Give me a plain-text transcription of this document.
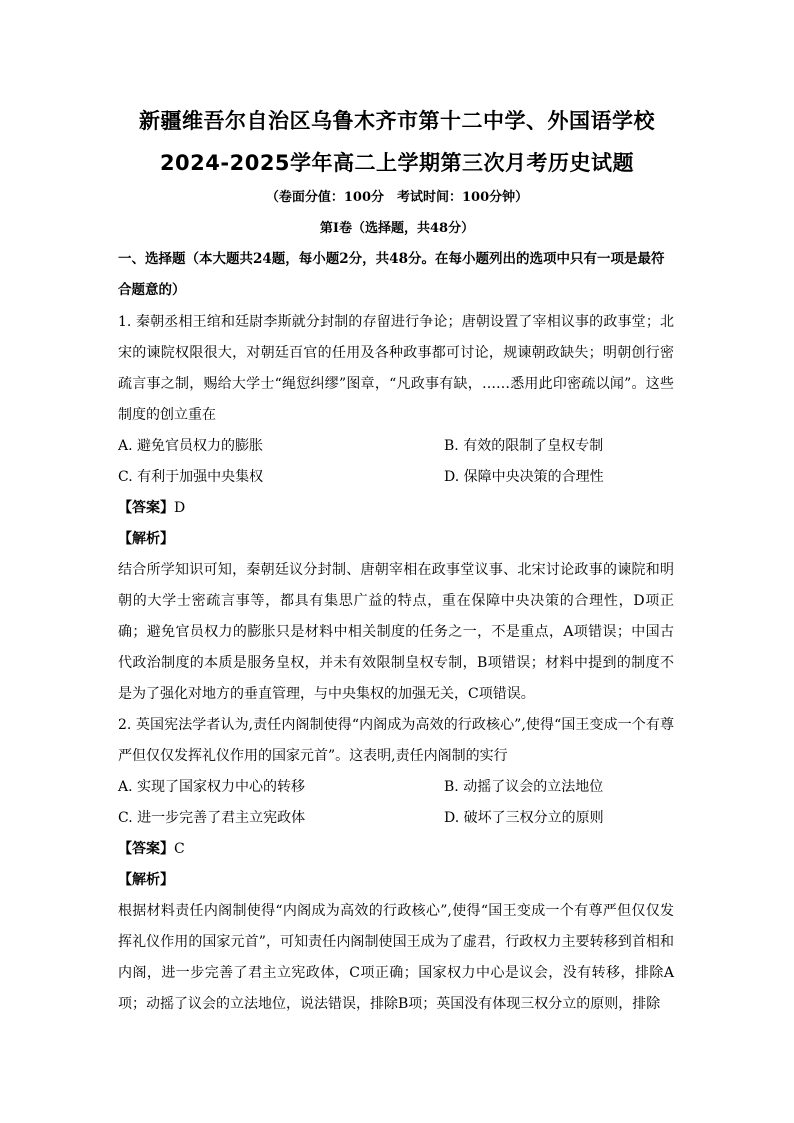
新疆维吾尔自治区乌鲁木齐市第十二中学、外国语学校
2024-2025学年高二上学期第三次月考历史试题
（卷面分值：100分　考试时间：100分钟）
第Ⅰ卷（选择题，共48分）
一、选择题（本大题共24题，每小题2分，共48分。在每小题列出的选项中只有一项是最符合题意的）
1. 秦朝丞相王绾和廷尉李斯就分封制的存留进行争论；唐朝设置了宰相议事的政事堂；北宋的谏院权限很大，对朝廷百官的任用及各种政事都可讨论，规谏朝政缺失；明朝创行密疏言事之制，赐给大学士“绳愆纠缪”图章，“凡政事有缺，……悉用此印密疏以闻”。这些制度的创立重在
A. 避免官员权力的膨胀	B. 有效的限制了皇权专制
C. 有利于加强中央集权	D. 保障中央决策的合理性
【答案】D
【解析】
结合所学知识可知，秦朝廷议分封制、唐朝宰相在政事堂议事、北宋讨论政事的谏院和明朝的大学士密疏言事等，都具有集思广益的特点，重在保障中央决策的合理性，D项正确；避免官员权力的膨胀只是材料中相关制度的任务之一，不是重点，A项错误；中国古代政治制度的本质是服务皇权，并未有效限制皇权专制，B项错误；材料中提到的制度不是为了强化对地方的垂直管理，与中央集权的加强无关，C项错误。
2. 英国宪法学者认为,责任内阁制使得“内阁成为高效的行政核心”,使得“国王变成一个有尊严但仅仅发挥礼仪作用的国家元首”。这表明,责任内阁制的实行
A. 实现了国家权力中心的转移	B. 动摇了议会的立法地位
C. 进一步完善了君主立宪政体	D. 破坏了三权分立的原则
【答案】C
【解析】
根据材料责任内阁制使得“内阁成为高效的行政核心”,使得“国王变成一个有尊严但仅仅发挥礼仪作用的国家元首”，可知责任内阁制使国王成为了虚君，行政权力主要转移到首相和内阁，进一步完善了君主立宪政体，C项正确；国家权力中心是议会，没有转移，排除A项；动摇了议会的立法地位，说法错误，排除B项；英国没有体现三权分立的原则，排除
